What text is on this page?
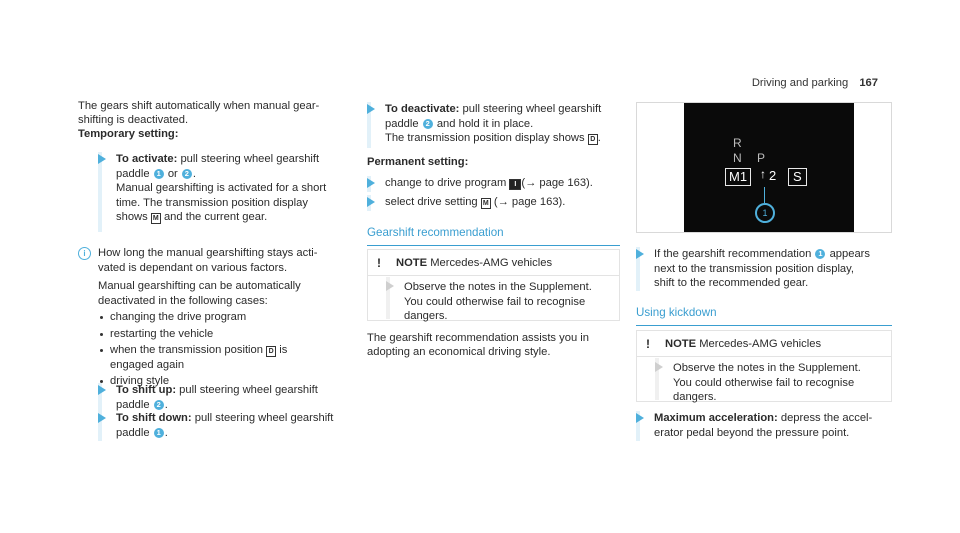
Driving and parking 167

The gears shift automatically when manual gear-

shifting is deactivated.

Temporary setting:

To activate: pull steering wheel gearshift

paddle 1 or 2 .

Manual gearshifting is activated for a short

time. The transmission position display

shows M and the current gear.

i	How long the manual gearshifting stays acti-

vated is dependant on various factors.

Manual gearshifting can be automatically

deactivated in the following cases:

changing the drive program
restarting the vehicle
when the transmission position D is
engaged again
driving style

To shift up: pull steering wheel gearshift

paddle 2 .

To shift down: pull steering wheel gearshift

paddle 1 .

To deactivate: pull steering wheel gearshift

paddle 2 and hold it in place.

The transmission position display shows D .

Permanent setting:

change to drive program I (→ page 163).

select drive setting M (→ page 163).

Gearshift recommendation
! NOTE Mercedes-AMG vehicles

Observe the notes in the Supplement.

You could otherwise fail to recognise

dangers.

The gearshift recommendation assists you in

adopting an economical driving style.

R
N P
M1	↑ 2	S
1

If the gearshift recommendation 1 appears

next to the transmission position display,

shift to the recommended gear.

Using kickdown
! NOTE Mercedes-AMG vehicles

Observe the notes in the Supplement.

You could otherwise fail to recognise

dangers.

Maximum acceleration: depress the accel-

erator pedal beyond the pressure point.
